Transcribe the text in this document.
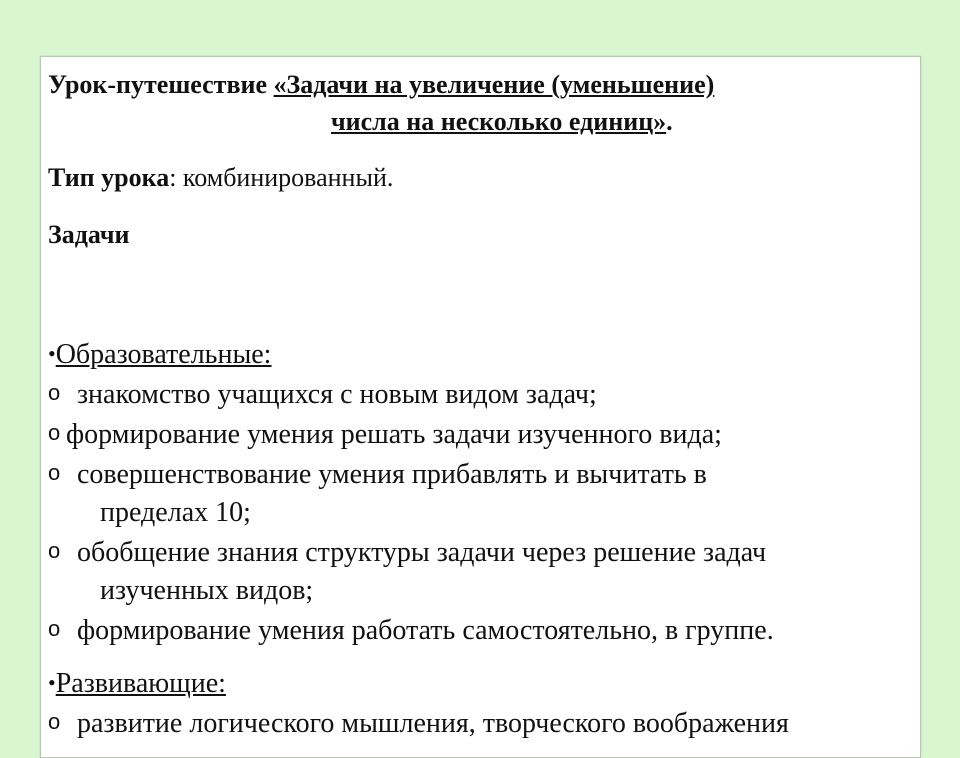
Урок-путешествие «Задачи на увеличение (уменьшение)
числа на несколько единиц».
Тип урока: комбинированный.
Задачи
•Образовательные:
o знакомство учащихся с новым видом задач;
o формирование умения решать задачи изученного вида;
o совершенствование умения прибавлять и вычитать в
пределах 10;
o обобщение знания структуры задачи через решение задач
изученных видов;
o формирование умения работать самостоятельно, в группе.
•Развивающие:
o развитие логического мышления, творческого воображения
